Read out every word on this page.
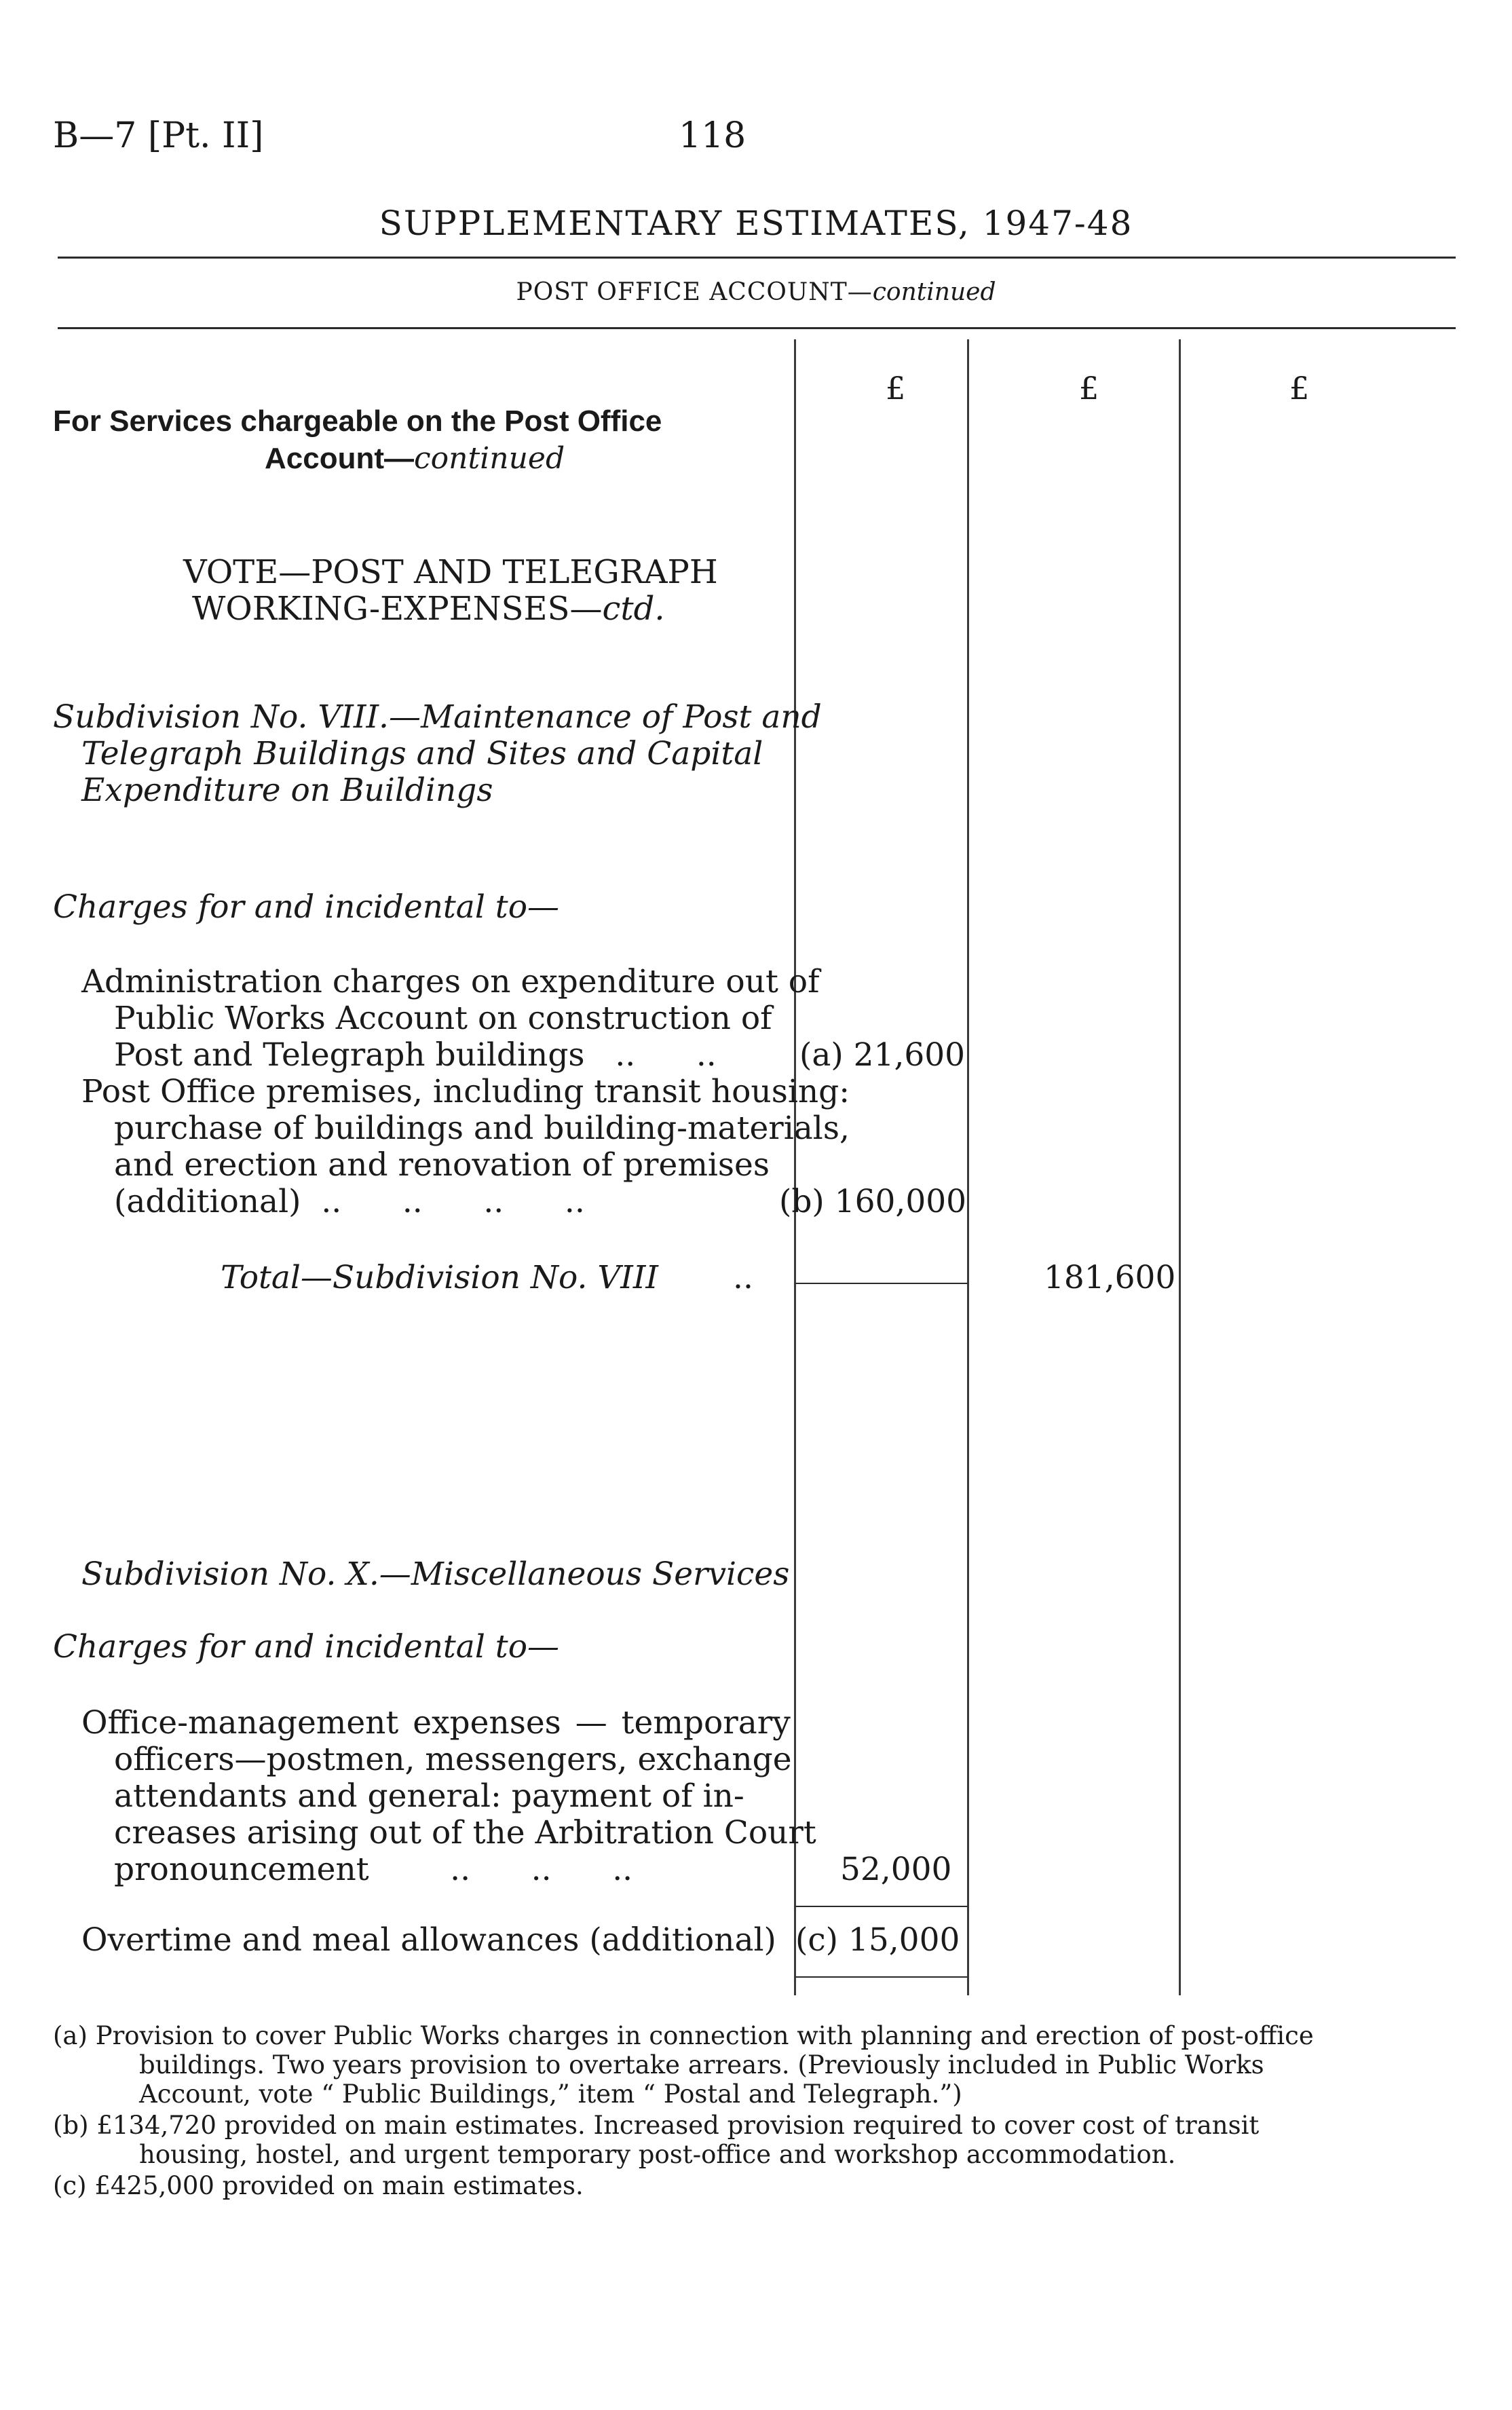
B—7 [Pt. II]	118
SUPPLEMENTARY ESTIMATES, 1947-48
POST OFFICE ACCOUNT—continued
£	£	£
For Services chargeable on the Post Office
Account—continued
VOTE—POST AND TELEGRAPH
WORKING-EXPENSES—ctd.
Subdivision No. VIII.—Maintenance of Post and
Telegraph Buildings and Sites and Capital
Expenditure on Buildings
Charges for and incidental to—
Administration charges on expenditure out of
Public Works Account on construction of
Post and Telegraph buildings   ..      ..	(a) 21,600
Post Office premises, including transit housing:
purchase of buildings and building-materials,
and erection and renovation of premises
(additional)  ..      ..      ..      ..	(b) 160,000
Total—Subdivision No. VIII ..	181,600
Subdivision No. X.—Miscellaneous Services
Charges for and incidental to—
Office-management expenses — temporary
officers—postmen, messengers, exchange
attendants and general: payment of in-
creases arising out of the Arbitration Court
pronouncement        ..      ..      ..	52,000
Overtime and meal allowances (additional) (c) 15,000
(a) Provision to cover Public Works charges in connection with planning and erection of post-office
buildings. Two years provision to overtake arrears. (Previously included in Public Works
Account, vote “ Public Buildings,” item “ Postal and Telegraph.”)
(b) £134,720 provided on main estimates. Increased provision required to cover cost of transit
housing, hostel, and urgent temporary post-office and workshop accommodation.
(c) £425,000 provided on main estimates.
